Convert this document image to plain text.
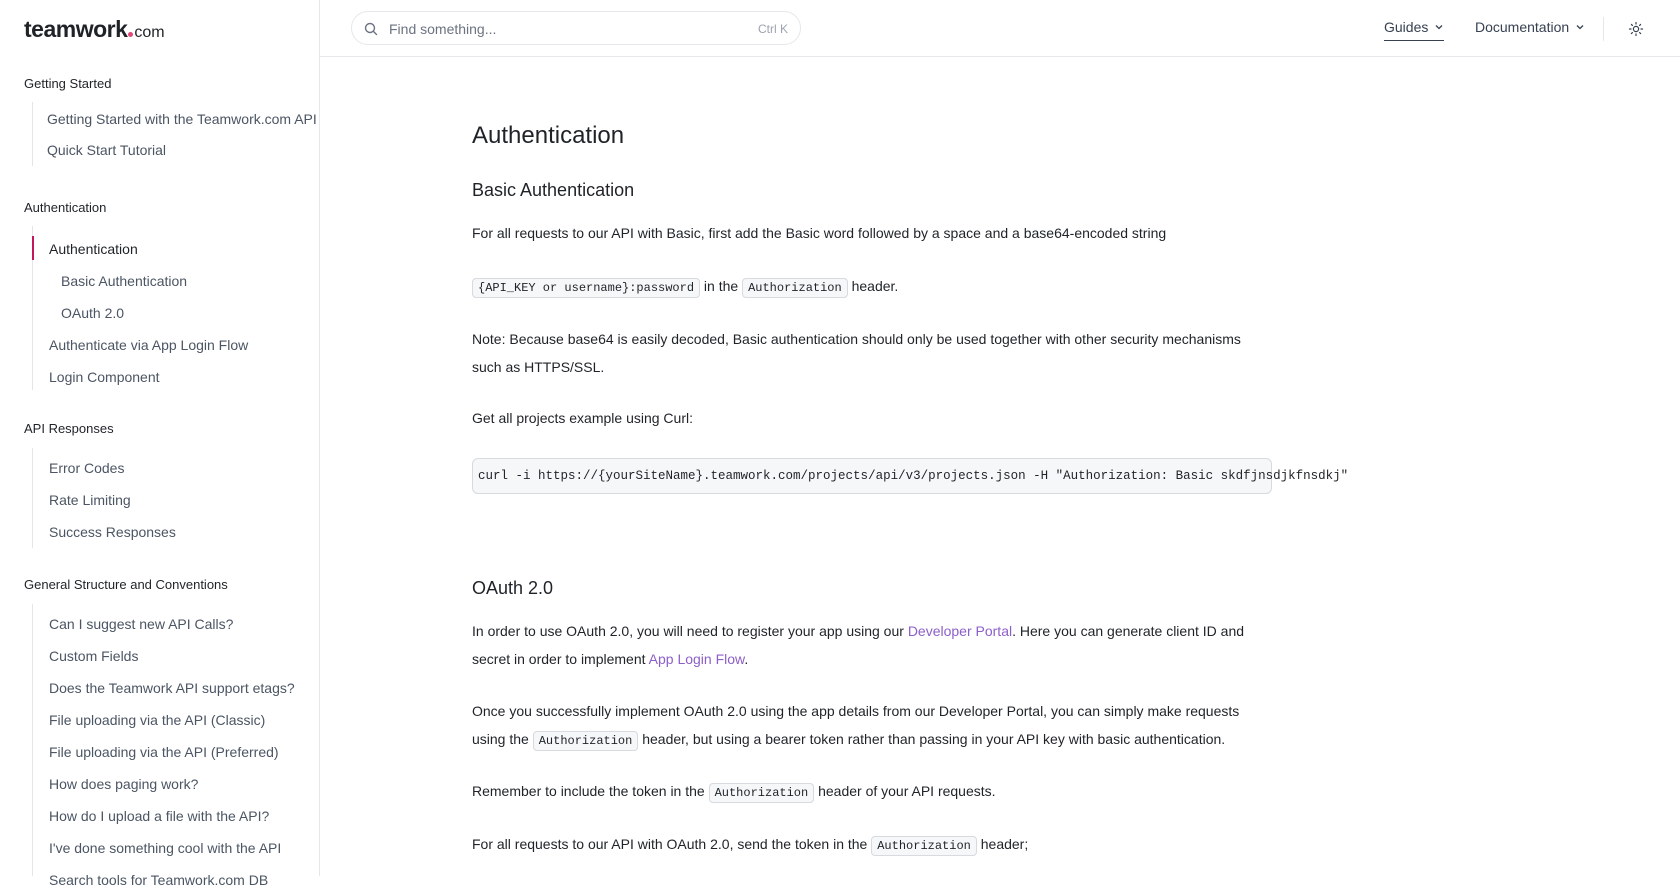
teamwork com
Getting Started
Getting Started with the Teamwork.com API
Quick Start Tutorial
Authentication
Authentication
Basic Authentication
OAuth 2.0
Authenticate via App Login Flow
Login Component
API Responses
Error Codes
Rate Limiting
Success Responses
General Structure and Conventions
Can I suggest new API Calls?
Custom Fields
Does the Teamwork API support etags?
File uploading via the API (Classic)
File uploading via the API (Preferred)
How does paging work?
How do I upload a file with the API?
I've done something cool with the API
Search tools for Teamwork.com DB
Find something...	Ctrl K	Guides	Documentation
Authentication
Basic Authentication

For all requests to our API with Basic, first add the Basic word followed by a space and a base64-encoded string

{API_KEY or username}:password in the Authorization header.

Note: Because base64 is easily decoded, Basic authentication should only be used together with other security mechanisms such as HTTPS/SSL.

Get all projects example using Curl:

curl -i https://{yourSiteName}.teamwork.com/projects/api/v3/projects.json -H "Authorization: Basic skdfjnsdjkfnsdkj"
OAuth 2.0

In order to use OAuth 2.0, you will need to register your app using our Developer Portal. Here you can generate client ID and secret in order to implement App Login Flow.

Once you successfully implement OAuth 2.0 using the app details from our Developer Portal, you can simply make requests using the Authorization header, but using a bearer token rather than passing in your API key with basic authentication.

Remember to include the token in the Authorization header of your API requests.

For all requests to our API with OAuth 2.0, send the token in the Authorization header;
